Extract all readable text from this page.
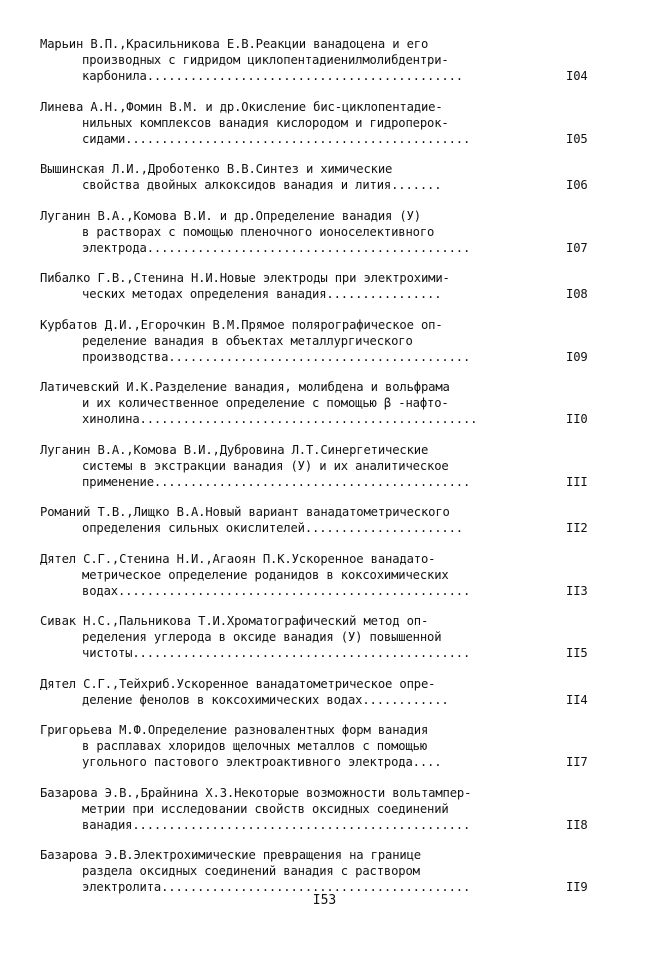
Марьин В.П.,Красильникова Е.В.Реакции ванадоцена и его
производных с гидридом циклопентадиенилмолибдентри-
карбонила............................................	I04
Линева А.Н.,Фомин В.М. и др.Окисление бис-циклопентадие-
нильных комплексов ванадия кислородом и гидроперок-
сидами................................................	I05
Вышинская Л.И.,Дроботенко В.В.Синтез и химические
свойства двойных алкоксидов ванадия и лития.......	I06
Луганин В.А.,Комова В.И. и др.Определение ванадия (У)
в растворах с помощью пленочного ионоселективного
электрода.............................................	I07
Пибалко Г.В.,Стенина Н.И.Новые электроды при электрохими-
ческих методах определения ванадия................	I08
Курбатов Д.И.,Егорочкин В.М.Прямое полярографическое оп-
ределение ванадия в объектах металлургического
производства..........................................	I09
Латичевский И.К.Разделение ванадия, молибдена и вольфрама
и их количественное определение с помощью β -нафто-
хинолина...............................................	II0
Луганин В.А.,Комова В.И.,Дубровина Л.Т.Синергетические
системы в экстракции ванадия (У) и их аналитическое
применение............................................	III
Романий Т.В.,Лищко В.А.Новый вариант ванадатометрического
определения сильных окислителей......................	II2
Дятел С.Г.,Стенина Н.И.,Агаоян П.К.Ускоренное ванадато-
метрическое определение роданидов в коксохимических
водах.................................................	II3
Сивак Н.С.,Пальникова Т.И.Хроматографический метод оп-
ределения углерода в оксиде ванадия (У) повышенной
чистоты...............................................	II5
Дятел С.Г.,Тейхриб.Ускоренное ванадатометрическое опре-
деление фенолов в коксохимических водах............	II4
Григорьева М.Ф.Определение разновалентных форм ванадия
в расплавах хлоридов щелочных металлов с помощью
угольного пастового электроактивного электрода....	II7
Базарова Э.В.,Брайнина Х.З.Некоторые возможности вольтампер-
метрии при исследовании свойств оксидных соединений
ванадия...............................................	II8
Базарова Э.В.Электрохимические превращения на границе
раздела оксидных соединений ванадия с раствором
электролита...........................................	II9
I53
